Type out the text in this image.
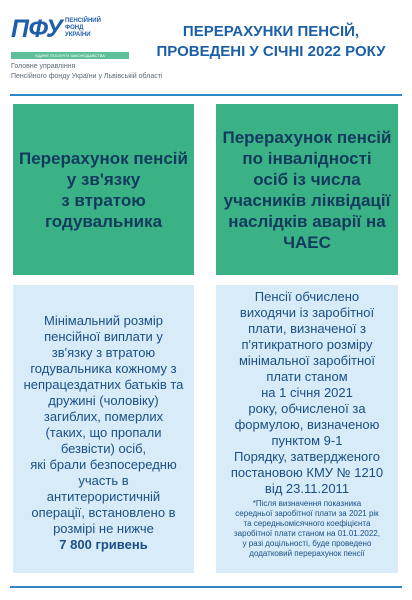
ПФУ ПЕНСІЙНИЙ
ФОНД
УКРАЇНИ
ЄДИНЕ ПОСЛУГИ ЗАКОНОДАВСТВА
Головне управління
Пенсійного фонду України у Львівській області
ПЕРЕРАХУНКИ ПЕНСІЙ,
ПРОВЕДЕНІ У СІЧНІ 2022 РОКУ
Перерахунок пенсій
у зв'язку
з втратою
годувальника
Перерахунок пенсій
по інвалідності
осіб із числа
учасників ліквідації
наслідків аварії на
ЧАЕС
Мінімальний розмір
пенсійної виплати у
зв'язку з втратою
годувальника кожному з
непрацездатних батьків та
дружині (чоловіку)
загиблих, померлих
(таких, що пропали
безвісти) осіб,
які брали безпосередню
участь в
антитерористичній
операції, встановлено в
розмірі не нижче
7 800 гривень
Пенсії обчислено
виходячи із заробітної
плати, визначеної з
п'ятикратного розміру
мінімальної заробітної
плати станом
на 1 січня 2021
року, обчисленої за
формулою, визначеною
пунктом 9-1
Порядку, затвердженого
постановою КМУ № 1210
від 23.11.2011
*Після визначення показника
середньої заробітної плати за 2021 рік
та середньомісячного коефіцієнта
заробітної плати станом на 01.01.2022,
у разі доцільності, буде проведено
додатковий перерахунок пенсії
